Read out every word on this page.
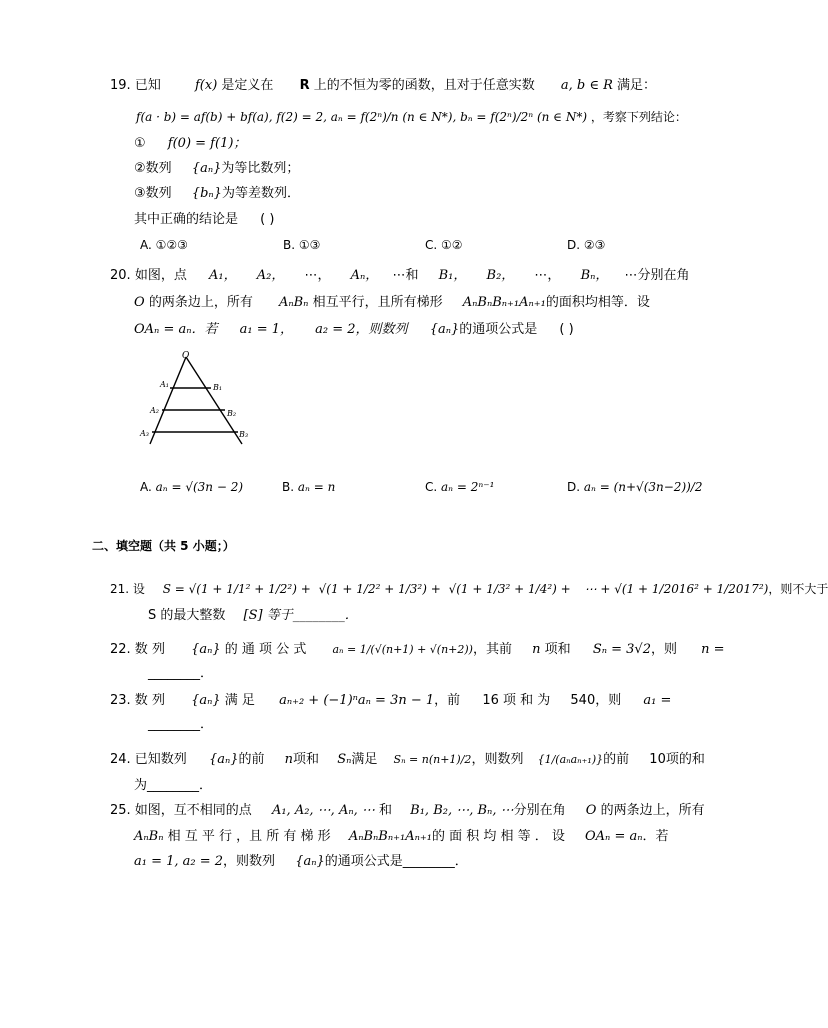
19. 已知	f(x) 是定义在 R 上的不恒为零的函数，且对于任意实数 a, b ∈ R 满足：
f(a · b) = af(b) + bf(a), f(2) = 2, aₙ = f(2ⁿ)/n (n ∈ N*), bₙ = f(2ⁿ)/2ⁿ (n ∈ N*) ，考察下列结论：
① f(0) = f(1)；
②数列 {aₙ}为等比数列；
③数列 {bₙ}为等差数列．
其中正确的结论是 ( )
A. ①②③	B. ①③	C. ①②	D. ②③
20. 如图，点 A₁， A₂， ⋯， Aₙ， ⋯和 B₁， B₂， ⋯， Bₙ， ⋯分别在角
O 的两条边上，所有 AₙBₙ 相互平行，且所有梯形 AₙBₙBₙ₊₁Aₙ₊₁的面积均相等．设
OAₙ = aₙ．若 a₁ = 1， a₂ = 2，则数列 {aₙ}的通项公式是 ( )
O
A₁	B₁
A₂	B₂
A₃	B₃
A. aₙ = √(3n − 2)	B. aₙ = n	C. aₙ = 2ⁿ⁻¹	D. aₙ = (n+√(3n−2))/2
二、填空题（共 5 小题；）
21. 设 S = √(1 + 1/1² + 1/2²) + √(1 + 1/2² + 1/3²) + √(1 + 1/3² + 1/4²) + ⋯ + √(1 + 1/2016² + 1/2017²)，则不大于
S 的最大整数 [S] 等于________．
22. 数 列 {aₙ} 的 通 项 公 式 aₙ = 1/(√(n+1) + √(n+2))，其前 n 项和 Sₙ = 3√2，则 n =
________．
23. 数 列 {aₙ} 满 足 aₙ₊₂ + (−1)ⁿaₙ = 3n − 1，前 16 项 和 为 540，则 a₁ =
________．
24. 已知数列 {aₙ}的前 n项和 Sₙ满足 Sₙ = n(n+1)/2，则数列 {1/(aₙaₙ₊₁)}的前 10项的和
为________．
25. 如图，互不相同的点 A₁, A₂, ⋯, Aₙ, ⋯ 和 B₁, B₂, ⋯, Bₙ, ⋯分别在角 O 的两条边上，所有
AₙBₙ 相 互 平 行 ，且 所 有 梯 形 AₙBₙBₙ₊₁Aₙ₊₁的 面 积 均 相 等 ． 设 OAₙ = aₙ．若
a₁ = 1, a₂ = 2，则数列 {aₙ}的通项公式是________．
